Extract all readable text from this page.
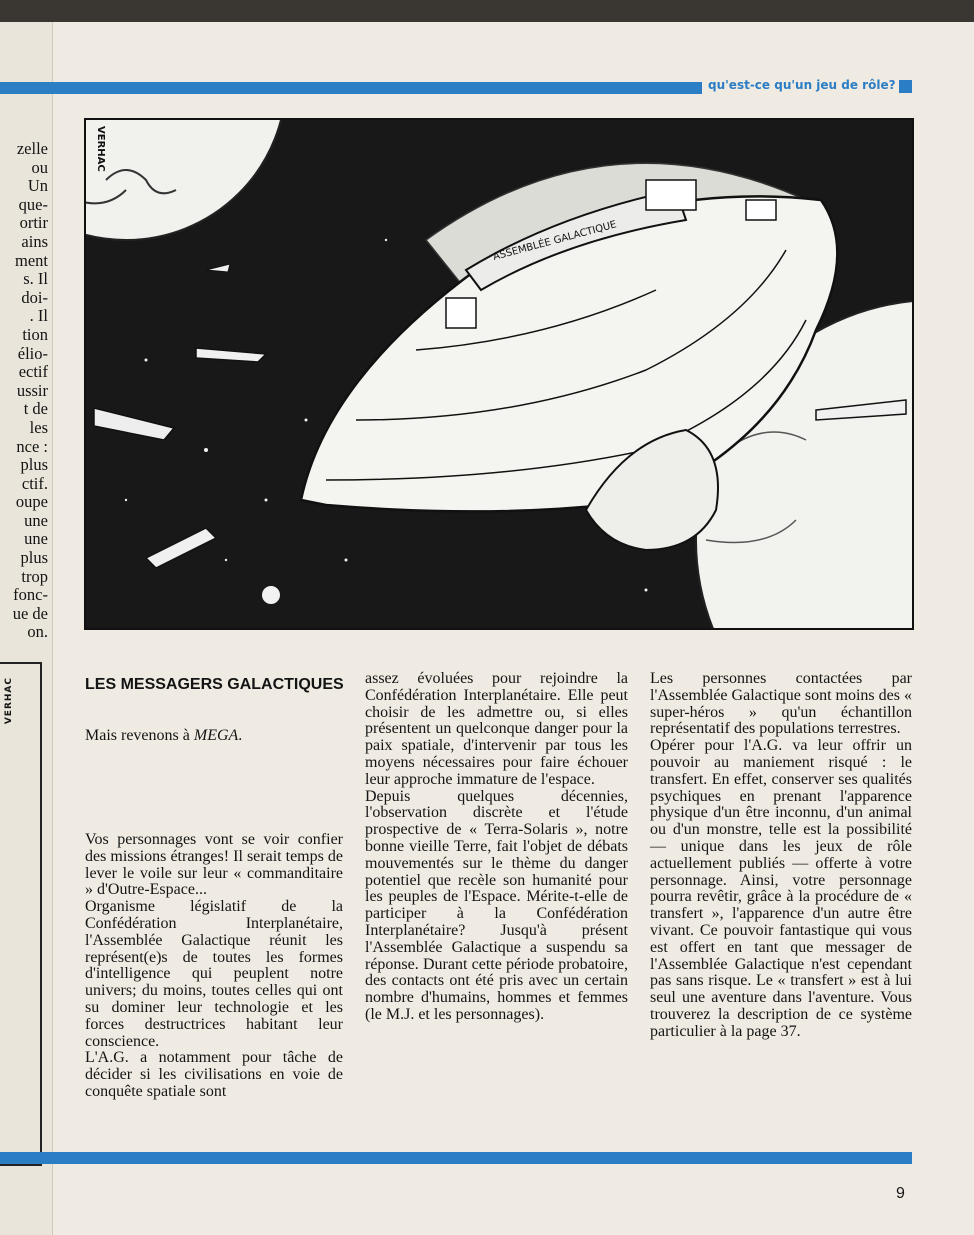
zelle
ou
Un
que-
ortir
ains
ment
s. Il
doi-
. Il
tion
élio-
ectif
ussir
t de
les
nce :
plus
ctif.
oupe
une
une
plus
trop
fonc-
ue de
on.
VERHAC
qu'est-ce qu'un jeu de rôle?
ASSEMBLÉE GALACTIQUE
VERHAC
LES MESSAGERS GALACTIQUES

Mais revenons à MEGA.

Vos personnages vont se voir confier des missions étranges! Il serait temps de lever le voile sur leur « commanditaire » d'Outre-Espace...

Organisme législatif de la Confédération Interplanétaire, l'Assemblée Galactique réunit les représent(e)s de toutes les formes d'intelligence qui peuplent notre univers; du moins, toutes celles qui ont su dominer leur technologie et les forces destructrices habitant leur conscience.

L'A.G. a notamment pour tâche de décider si les civilisations en voie de conquête spatiale sont

assez évoluées pour rejoindre la Confédération Interplanétaire. Elle peut choisir de les admettre ou, si elles présentent un quelconque danger pour la paix spatiale, d'intervenir par tous les moyens nécessaires pour faire échouer leur approche immature de l'espace.

Depuis quelques décennies, l'observation discrète et l'étude prospective de « Terra-Solaris », notre bonne vieille Terre, fait l'objet de débats mouvementés sur le thème du danger potentiel que recèle son humanité pour les peuples de l'Espace. Mérite-t-elle de participer à la Confédération Interplanétaire? Jusqu'à présent l'Assemblée Galactique a suspendu sa réponse. Durant cette période probatoire, des contacts ont été pris avec un certain nombre d'humains, hommes et femmes (le M.J. et les personnages).

Les personnes contactées par l'Assemblée Galactique sont moins des « super-héros » qu'un échantillon représentatif des populations terrestres.

Opérer pour l'A.G. va leur offrir un pouvoir au maniement risqué : le transfert. En effet, conserver ses qualités psychiques en prenant l'apparence physique d'un être inconnu, d'un animal ou d'un monstre, telle est la possibilité — unique dans les jeux de rôle actuellement publiés — offerte à votre personnage. Ainsi, votre personnage pourra revêtir, grâce à la procédure de « transfert », l'apparence d'un autre être vivant. Ce pouvoir fantastique qui vous est offert en tant que messager de l'Assemblée Galactique n'est cependant pas sans risque. Le « transfert » est à lui seul une aventure dans l'aventure. Vous trouverez la description de ce système particulier à la page 37.

9
